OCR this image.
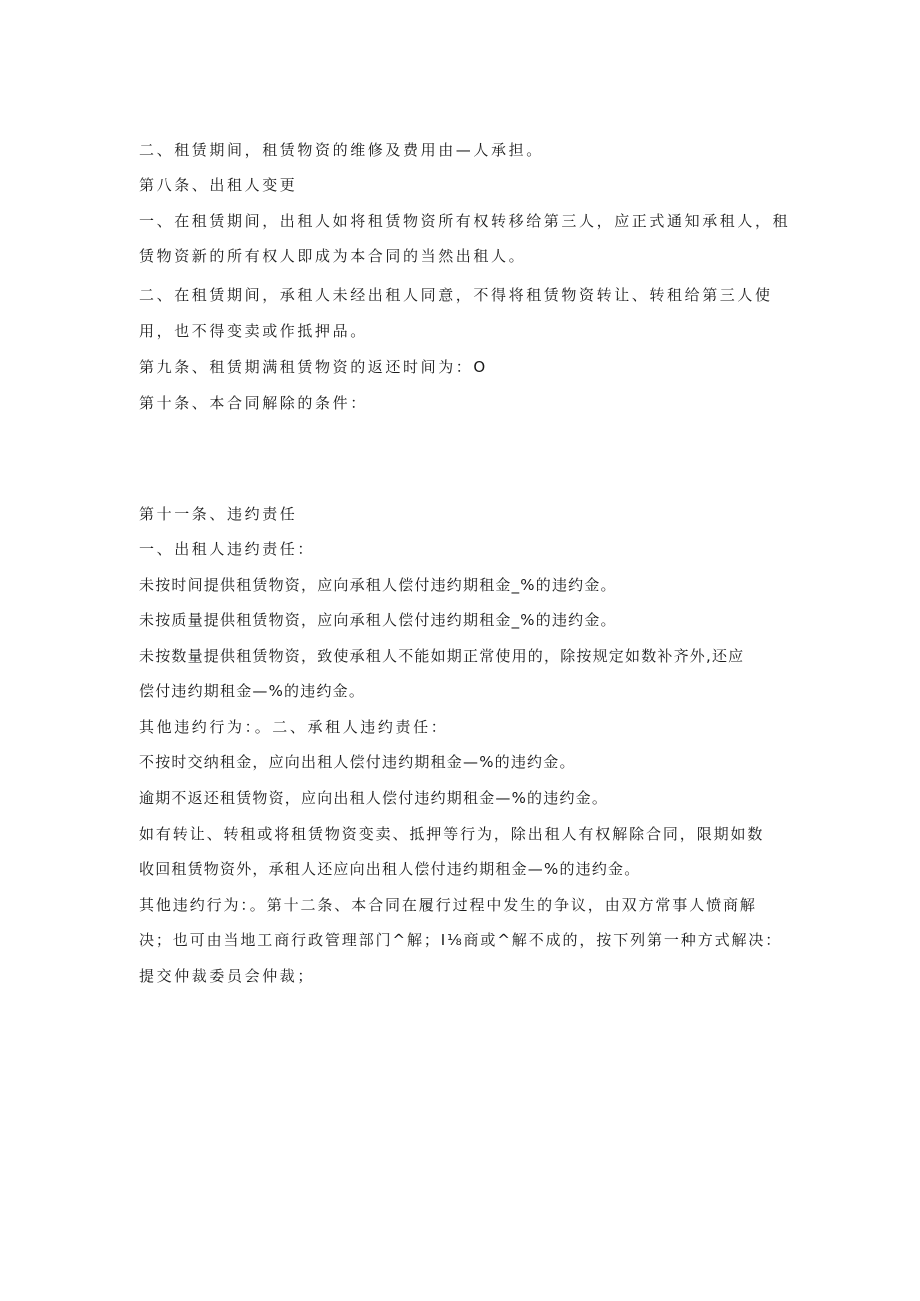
二、租赁期间，租赁物资的维修及费用由—人承担。
第八条、出租人变更
一、在租赁期间，出租人如将租赁物资所有权转移给第三人，应正式通知承租人，租
赁物资新的所有权人即成为本合同的当然出租人。
二、在租赁期间，承租人未经出租人同意，不得将租赁物资转让、转租给第三人使
用，也不得变卖或作抵押品。
第九条、租赁期满租赁物资的返还时间为：O
第十条、本合同解除的条件：
第十一条、违约责任
一、出租人违约责任：
未按时间提供租赁物资，应向承租人偿付违约期租金_%的违约金。
未按质量提供租赁物资，应向承租人偿付违约期租金_%的违约金。
未按数量提供租赁物资，致使承租人不能如期正常使用的，除按规定如数补齐外,还应
偿付违约期租金—%的违约金。
其他违约行为：。二、承租人违约责任：
不按时交纳租金，应向出租人偿付违约期租金—%的违约金。
逾期不返还租赁物资，应向出租人偿付违约期租金—%的违约金。
如有转让、转租或将租赁物资变卖、抵押等行为，除出租人有权解除合同，限期如数
收回租赁物资外，承租人还应向出租人偿付违约期租金—%的违约金。
其他违约行为：。第十二条、本合同在履行过程中发生的争议，由双方常事人愤商解
决；也可由当地工商行政管理部门^解；I⅛商或^解不成的，按下列第一种方式解决：
提交仲裁委员会仲裁；
